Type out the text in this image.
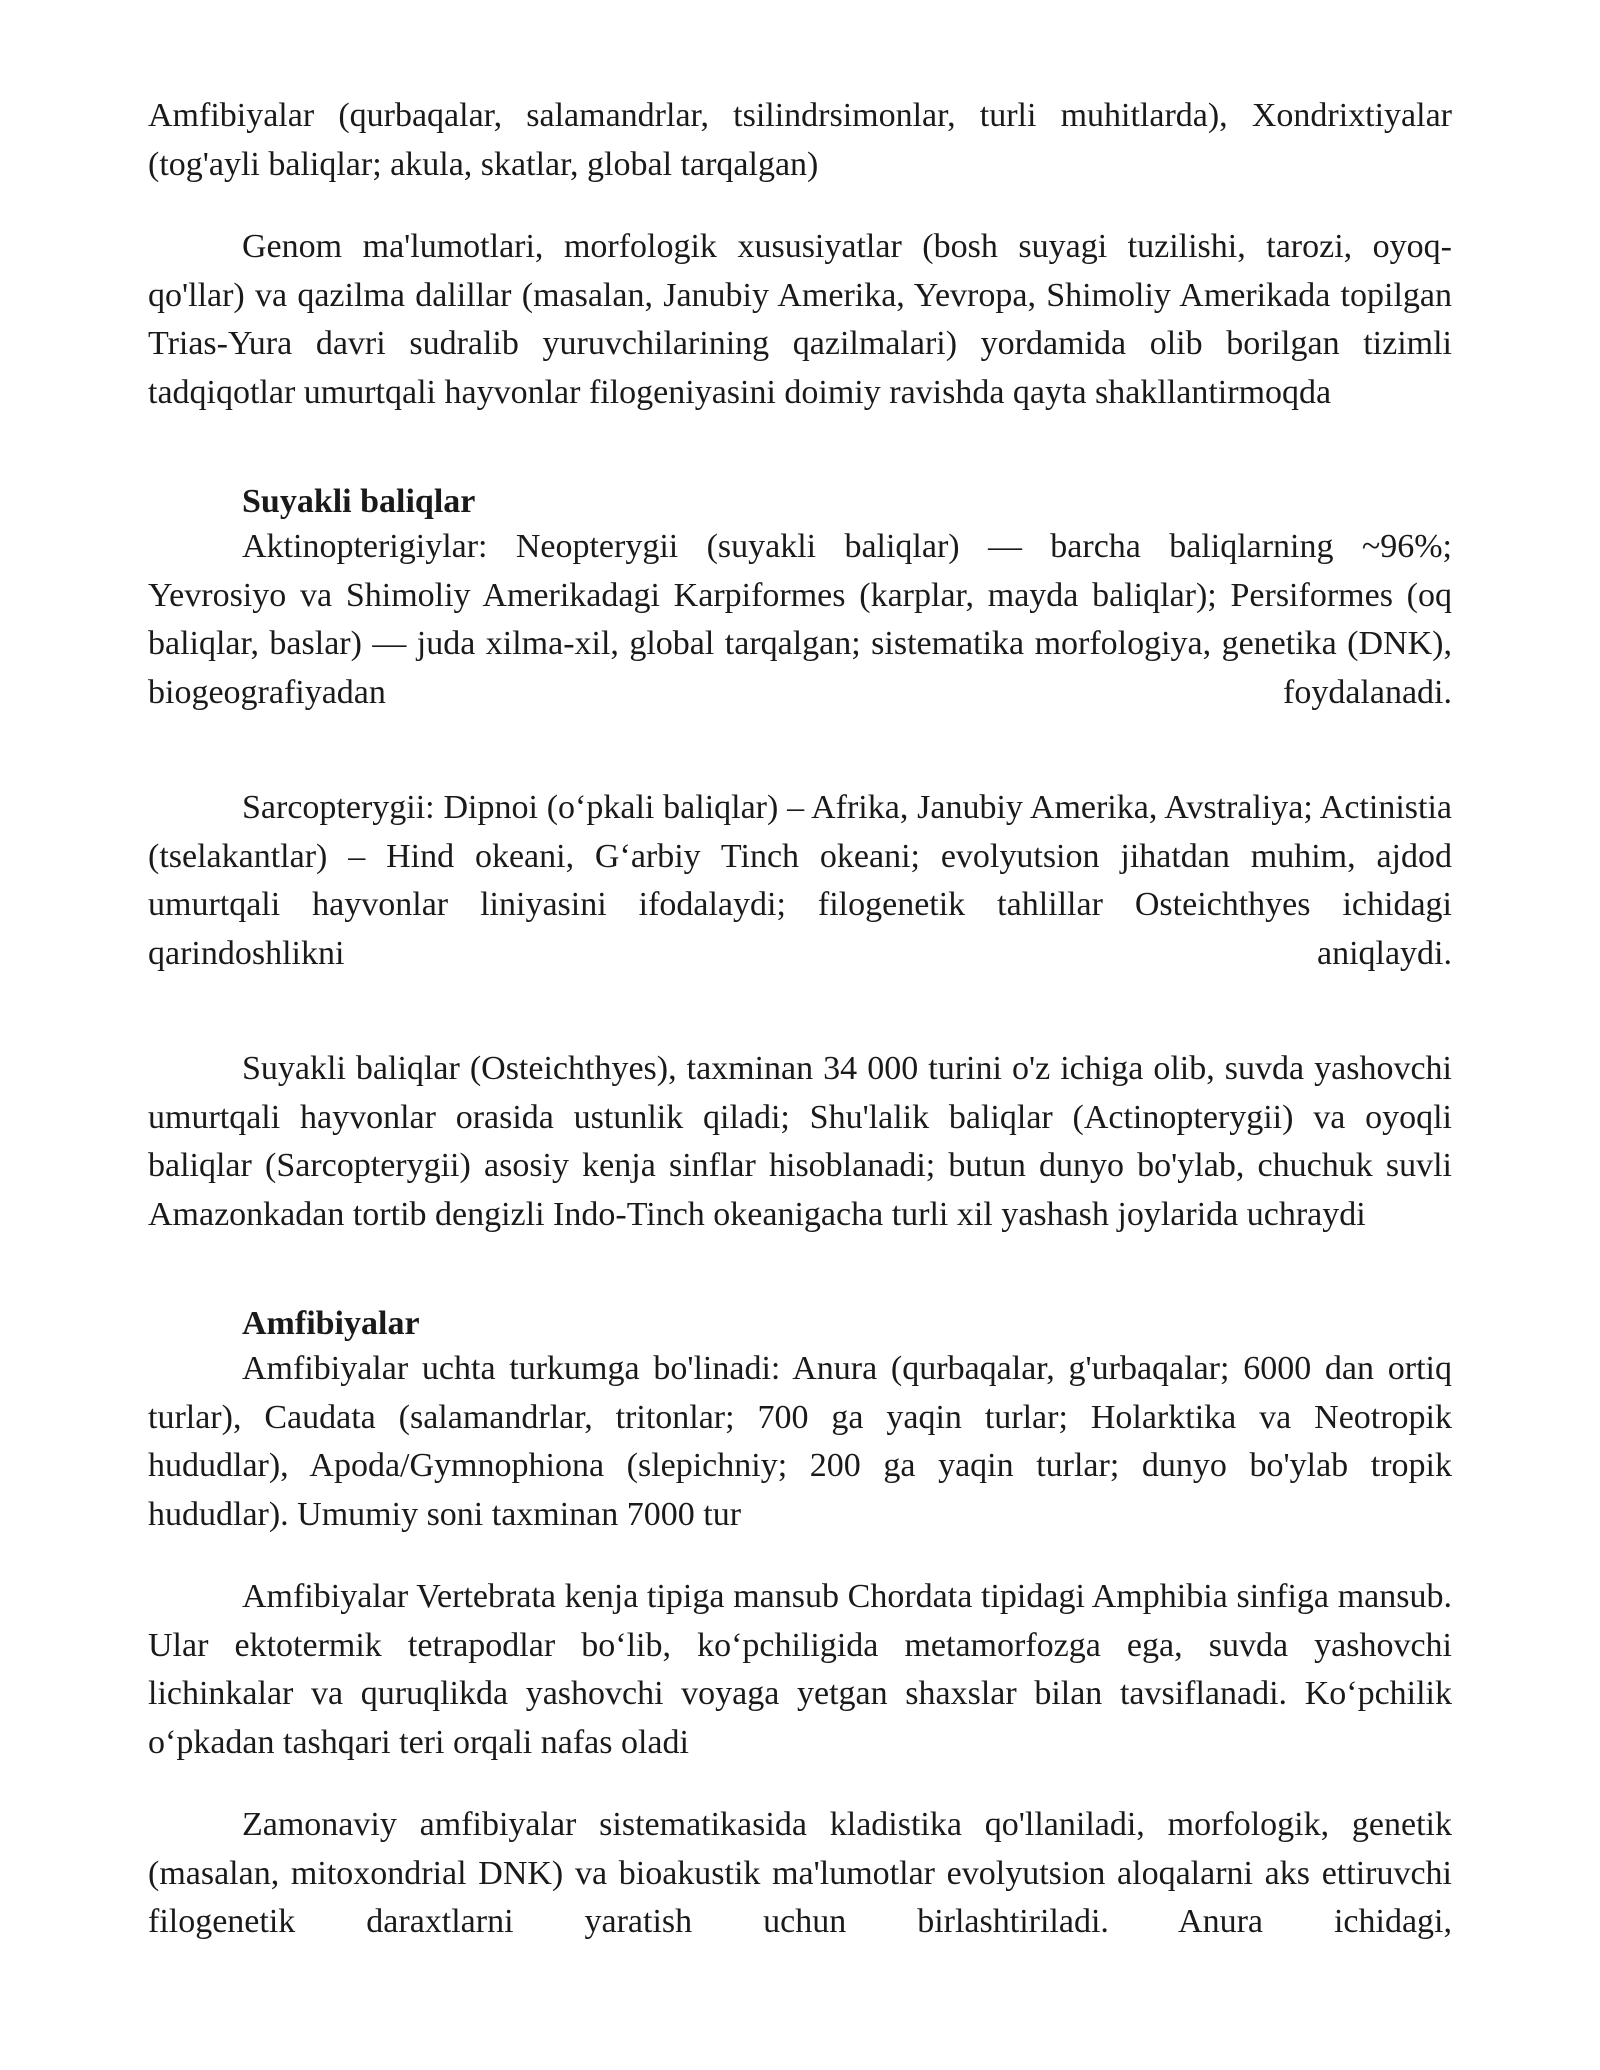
Amfibiyalar (qurbaqalar, salamandrlar, tsilindrsimonlar, turli muhitlarda), Xondrixtiyalar (tog'ayli baliqlar; akula, skatlar, global tarqalgan)

Genom ma'lumotlari, morfologik xususiyatlar (bosh suyagi tuzilishi, tarozi, oyoq-qo'llar) va qazilma dalillar (masalan, Janubiy Amerika, Yevropa, Shimoliy Amerikada topilgan Trias-Yura davri sudralib yuruvchilarining qazilmalari) yordamida olib borilgan tizimli tadqiqotlar umurtqali hayvonlar filogeniyasini doimiy ravishda qayta shakllantirmoqda

Suyakli baliqlar

Aktinopterigiylar: Neopterygii (suyakli baliqlar) — barcha baliqlarning ~96%; Yevrosiyo va Shimoliy Amerikadagi Karpiformes (karplar, mayda baliqlar); Persiformes (oq baliqlar, baslar) — juda xilma-xil, global tarqalgan; sistematika morfologiya, genetika (DNK), biogeografiyadan foydalanadi.

Sarcopterygii: Dipnoi (o‘pkali baliqlar) – Afrika, Janubiy Amerika, Avstraliya; Actinistia (tselakantlar) – Hind okeani, G‘arbiy Tinch okeani; evolyutsion jihatdan muhim, ajdod umurtqali hayvonlar liniyasini ifodalaydi; filogenetik tahlillar Osteichthyes ichidagi qarindoshlikni aniqlaydi.

Suyakli baliqlar (Osteichthyes), taxminan 34 000 turini o'z ichiga olib, suvda yashovchi umurtqali hayvonlar orasida ustunlik qiladi; Shu'lalik baliqlar (Actinopterygii) va oyoqli baliqlar (Sarcopterygii) asosiy kenja sinflar hisoblanadi; butun dunyo bo'ylab, chuchuk suvli Amazonkadan tortib dengizli Indo-Tinch okeanigacha turli xil yashash joylarida uchraydi

Amfibiyalar

Amfibiyalar uchta turkumga bo'linadi: Anura (qurbaqalar, g'urbaqalar; 6000 dan ortiq turlar), Caudata (salamandrlar, tritonlar; 700 ga yaqin turlar; Holarktika va Neotropik hududlar), Apoda/Gymnophiona (slepichniy; 200 ga yaqin turlar; dunyo bo'ylab tropik hududlar). Umumiy soni taxminan 7000 tur

Amfibiyalar Vertebrata kenja tipiga mansub Chordata tipidagi Amphibia sinfiga mansub. Ular ektotermik tetrapodlar bo‘lib, ko‘pchiligida metamorfozga ega, suvda yashovchi lichinkalar va quruqlikda yashovchi voyaga yetgan shaxslar bilan tavsiflanadi. Ko‘pchilik o‘pkadan tashqari teri orqali nafas oladi

Zamonaviy amfibiyalar sistematikasida kladistika qo'llaniladi, morfologik, genetik (masalan, mitoxondrial DNK) va bioakustik ma'lumotlar evolyutsion aloqalarni aks ettiruvchi filogenetik daraxtlarni yaratish uchun birlashtiriladi. Anura ichidagi,
